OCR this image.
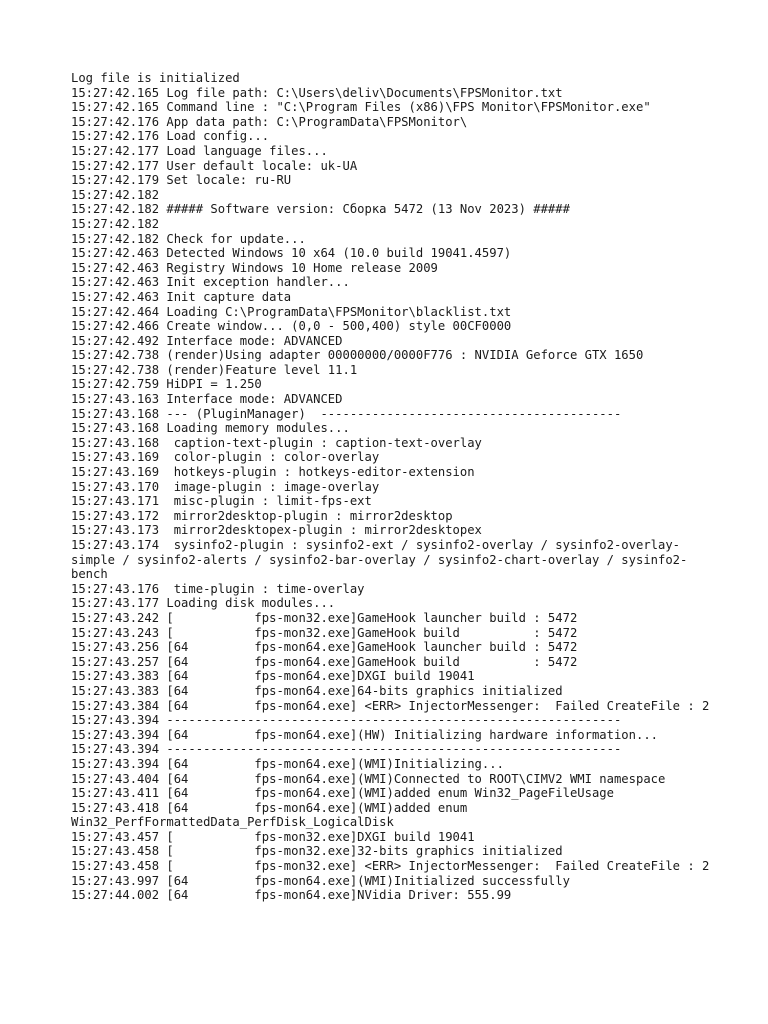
Log file is initialized
15:27:42.165 Log file path: C:\Users\deliv\Documents\FPSMonitor.txt
15:27:42.165 Command line : "C:\Program Files (x86)\FPS Monitor\FPSMonitor.exe"
15:27:42.176 App data path: C:\ProgramData\FPSMonitor\
15:27:42.176 Load config...
15:27:42.177 Load language files...
15:27:42.177 User default locale: uk-UA
15:27:42.179 Set locale: ru-RU
15:27:42.182
15:27:42.182 ##### Software version: Сборка 5472 (13 Nov 2023) #####
15:27:42.182
15:27:42.182 Check for update...
15:27:42.463 Detected Windows 10 x64 (10.0 build 19041.4597)
15:27:42.463 Registry Windows 10 Home release 2009
15:27:42.463 Init exception handler...
15:27:42.463 Init capture data
15:27:42.464 Loading C:\ProgramData\FPSMonitor\blacklist.txt
15:27:42.466 Create window... (0,0 - 500,400) style 00CF0000
15:27:42.492 Interface mode: ADVANCED
15:27:42.738 (render)Using adapter 00000000/0000F776 : NVIDIA Geforce GTX 1650
15:27:42.738 (render)Feature level 11.1
15:27:42.759 HiDPI = 1.250
15:27:43.163 Interface mode: ADVANCED
15:27:43.168 --- (PluginManager)  -----------------------------------------
15:27:43.168 Loading memory modules...
15:27:43.168  caption-text-plugin : caption-text-overlay
15:27:43.169  color-plugin : color-overlay
15:27:43.169  hotkeys-plugin : hotkeys-editor-extension
15:27:43.170  image-plugin : image-overlay
15:27:43.171  misc-plugin : limit-fps-ext
15:27:43.172  mirror2desktop-plugin : mirror2desktop
15:27:43.173  mirror2desktopex-plugin : mirror2desktopex
15:27:43.174  sysinfo2-plugin : sysinfo2-ext / sysinfo2-overlay / sysinfo2-overlay-simple / sysinfo2-alerts / sysinfo2-bar-overlay / sysinfo2-chart-overlay / sysinfo2-bench
15:27:43.176  time-plugin : time-overlay
15:27:43.177 Loading disk modules...
15:27:43.242 [           fps-mon32.exe]GameHook launcher build : 5472
15:27:43.243 [           fps-mon32.exe]GameHook build          : 5472
15:27:43.256 [64         fps-mon64.exe]GameHook launcher build : 5472
15:27:43.257 [64         fps-mon64.exe]GameHook build          : 5472
15:27:43.383 [64         fps-mon64.exe]DXGI build 19041
15:27:43.383 [64         fps-mon64.exe]64-bits graphics initialized
15:27:43.384 [64         fps-mon64.exe] <ERR> InjectorMessenger:  Failed CreateFile : 2
15:27:43.394 --------------------------------------------------------------
15:27:43.394 [64         fps-mon64.exe](HW) Initializing hardware information...
15:27:43.394 --------------------------------------------------------------
15:27:43.394 [64         fps-mon64.exe](WMI)Initializing...
15:27:43.404 [64         fps-mon64.exe](WMI)Connected to ROOT\CIMV2 WMI namespace
15:27:43.411 [64         fps-mon64.exe](WMI)added enum Win32_PageFileUsage
15:27:43.418 [64         fps-mon64.exe](WMI)added enum Win32_PerfFormattedData_PerfDisk_LogicalDisk
15:27:43.457 [           fps-mon32.exe]DXGI build 19041
15:27:43.458 [           fps-mon32.exe]32-bits graphics initialized
15:27:43.458 [           fps-mon32.exe] <ERR> InjectorMessenger:  Failed CreateFile : 2
15:27:43.997 [64         fps-mon64.exe](WMI)Initialized successfully
15:27:44.002 [64         fps-mon64.exe]NVidia Driver: 555.99
